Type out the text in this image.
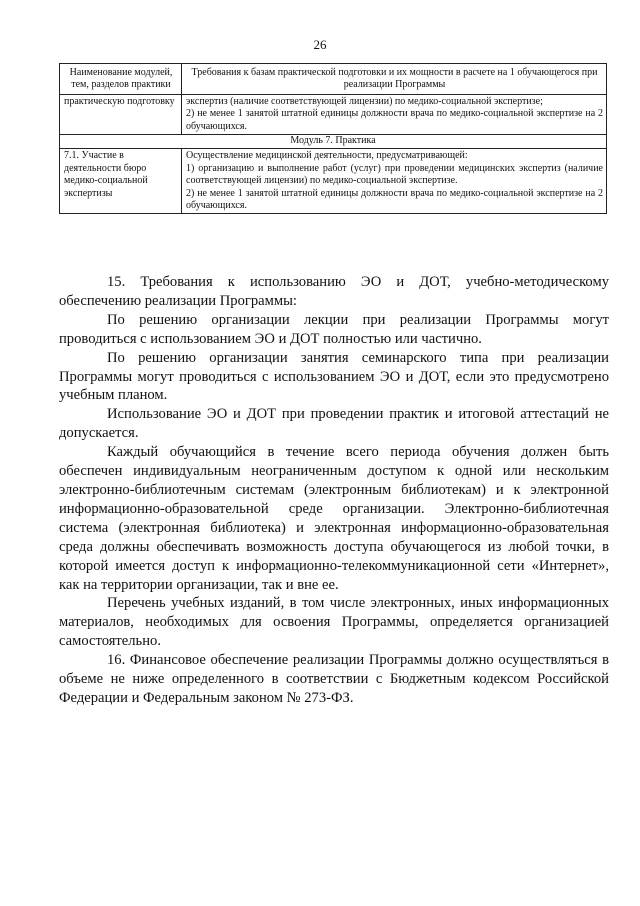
26
Наименование модулей, тем, разделов практики	Требования к базам практической подготовки и их мощности в расчете на 1 обучающегося при реализации Программы
практическую подготовку	экспертиз (наличие соответствующей лицензии) по медико-социальной экспертизе;
2) не менее 1 занятой штатной единицы должности врача по медико-социальной экспертизе на 2 обучающихся.

Модуль 7. Практика	
7.1. Участие в деятельности бюро медико-социальной экспертизы	Осуществление медицинской деятельности, предусматривающей:
1) организацию и выполнение работ (услуг) при проведении медицинских экспертиз (наличие соответствующей лицензии) по медико-социальной экспертизе.
2) не менее 1 занятой штатной единицы должности врача по медико-социальной экспертизе на 2 обучающихся.

15. Требования к использованию ЭО и ДОТ, учебно-методическому обеспечению реализации Программы:

По решению организации лекции при реализации Программы могут проводиться с использованием ЭО и ДОТ полностью или частично.

По решению организации занятия семинарского типа при реализации Программы могут проводиться с использованием ЭО и ДОТ, если это предусмотрено учебным планом.

Использование ЭО и ДОТ при проведении практик и итоговой аттестаций не допускается.

Каждый обучающийся в течение всего периода обучения должен быть обеспечен индивидуальным неограниченным доступом к одной или нескольким электронно-библиотечным системам (электронным библиотекам) и к электронной информационно-образовательной среде организации. Электронно-библиотечная система (электронная библиотека) и электронная информационно-образовательная среда должны обеспечивать возможность доступа обучающегося из любой точки, в которой имеется доступ к информационно-телекоммуникационной сети «Интернет», как на территории организации, так и вне ее.

Перечень учебных изданий, в том числе электронных, иных информационных материалов, необходимых для освоения Программы, определяется организацией самостоятельно.

16. Финансовое обеспечение реализации Программы должно осуществляться в объеме не ниже определенного в соответствии с Бюджетным кодексом Российской Федерации и Федеральным законом № 273-ФЗ.
